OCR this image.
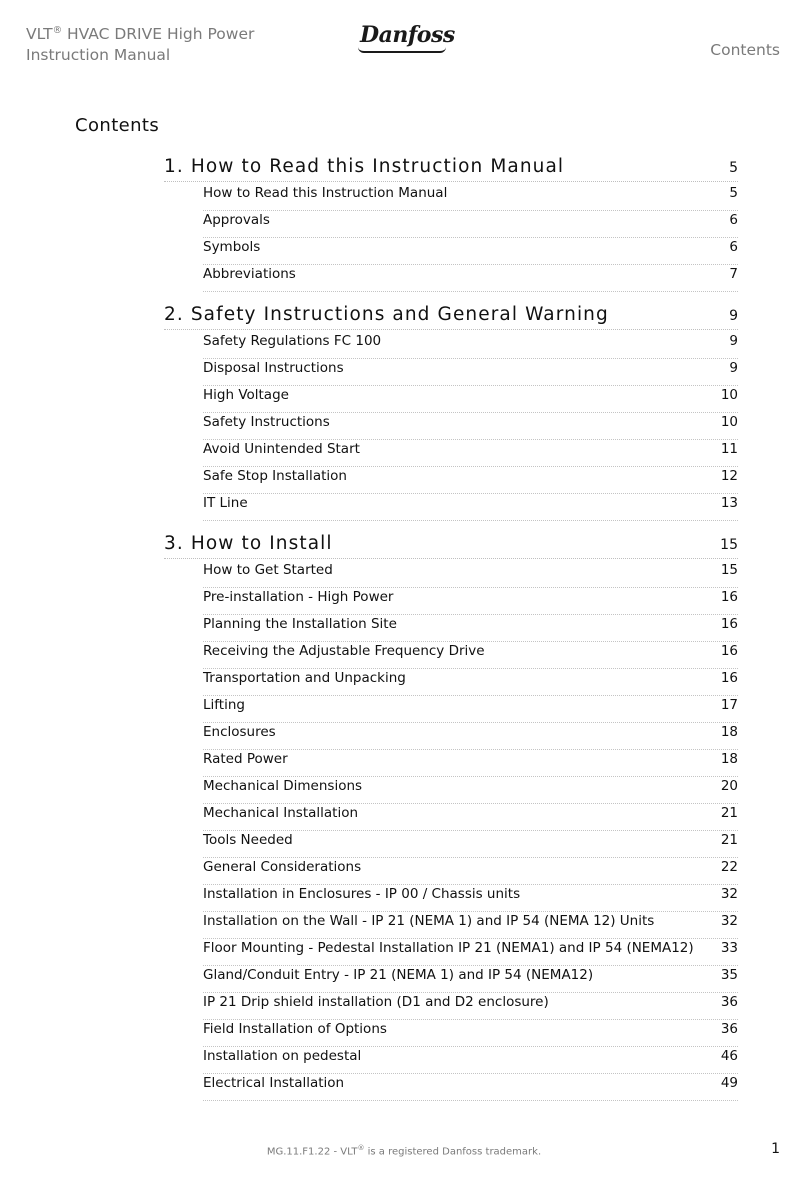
VLT® HVAC DRIVE High Power
Instruction Manual
Danfoss
Contents
Contents
1. How to Read this Instruction Manual	5
How to Read this Instruction Manual	5
Approvals	6
Symbols	6
Abbreviations	7
2. Safety Instructions and General Warning	9
Safety Regulations FC 100	9
Disposal Instructions	9
High Voltage	10
Safety Instructions	10
Avoid Unintended Start	11
Safe Stop Installation	12
IT Line	13
3. How to Install	15
How to Get Started	15
Pre-installation - High Power	16
Planning the Installation Site	16
Receiving the Adjustable Frequency Drive	16
Transportation and Unpacking	16
Lifting	17
Enclosures	18
Rated Power	18
Mechanical Dimensions	20
Mechanical Installation	21
Tools Needed	21
General Considerations	22
Installation in Enclosures - IP 00 / Chassis units	32
Installation on the Wall - IP 21 (NEMA 1) and IP 54 (NEMA 12) Units	32
Floor Mounting - Pedestal Installation IP 21 (NEMA1) and IP 54 (NEMA12) 33
Gland/Conduit Entry - IP 21 (NEMA 1) and IP 54 (NEMA12)	35
IP 21 Drip shield installation (D1 and D2 enclosure)	36
Field Installation of Options	36
Installation on pedestal	46
Electrical Installation	49
MG.11.F1.22 - VLT® is a registered Danfoss trademark.	1
